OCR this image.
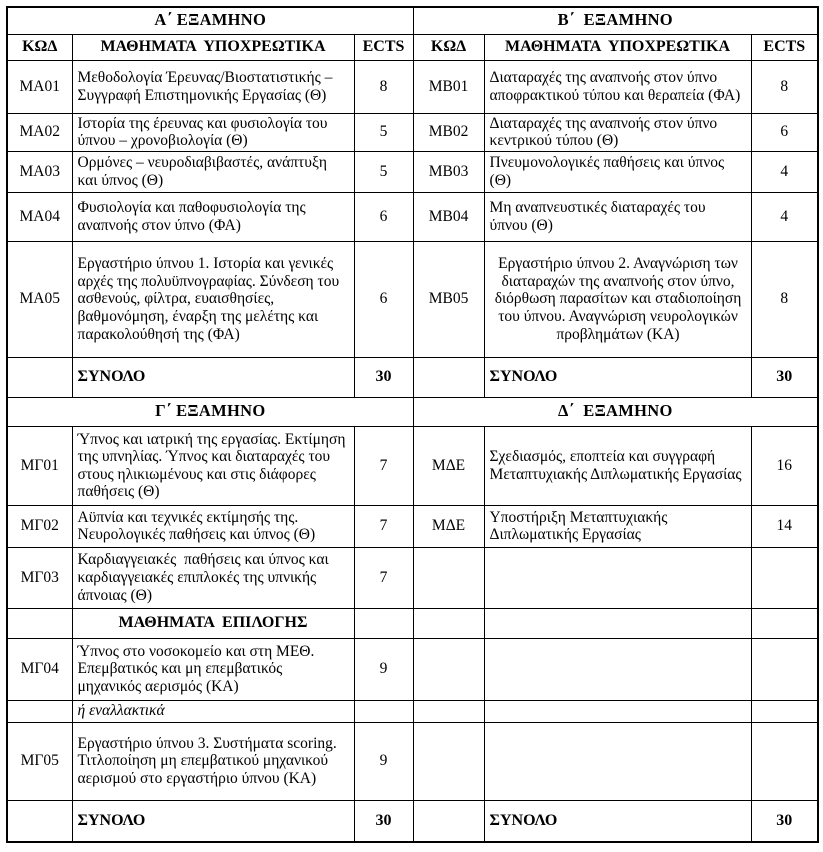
Α΄ ΕΞΑΜΗΝΟ			Β΄  ΕΞΑΜΗΝΟ		
ΚΩΔ	ΜΑΘΗΜΑΤΑ  ΥΠΟΧΡΕΩΤΙΚΑ	ECTS	ΚΩΔ	ΜΑΘΗΜΑΤΑ  ΥΠΟΧΡΕΩΤΙΚΑ	ECTS
ΜΑ01	Μεθοδολογία Έρευνας/Βιοστατιστικής – Συγγραφή Επιστημονικής Εργασίας (Θ)	8	ΜΒ01	Διαταραχές της αναπνοής στον ύπνο αποφρακτικού τύπου και θεραπεία (ΦΑ)	8
ΜΑ02	Ιστορία της έρευνας και φυσιολογία του ύπνου – χρονοβιολογία (Θ)	5	ΜΒ02	Διαταραχές της αναπνοής στον ύπνο κεντρικού τύπου (Θ)	6
ΜΑ03	Ορμόνες – νευροδιαβιβαστές, ανάπτυξη και ύπνος (Θ)	5	ΜΒ03	Πνευμονολογικές παθήσεις και ύπνος (Θ)	4
ΜΑ04	Φυσιολογία και παθοφυσιολογία της αναπνοής στον ύπνο (ΦΑ)	6	ΜΒ04	Μη αναπνευστικές διαταραχές του ύπνου (Θ)	4
ΜΑ05	Εργαστήριο ύπνου 1. Ιστορία και γενικές αρχές της πολυϋπνογραφίας. Σύνδεση του ασθενούς, φίλτρα, ευαισθησίες, βαθμονόμηση, έναρξη της μελέτης και παρακολούθησή της (ΦΑ)	6	ΜΒ05	Εργαστήριο ύπνου 2. Αναγνώριση των διαταραχών της αναπνοής στον ύπνο, διόρθωση παρασίτων και σταδιοποίηση του ύπνου. Αναγνώριση νευρολογικών προβλημάτων (ΚΑ)	8
	ΣΥΝΟΛΟ	30		ΣΥΝΟΛΟ	30
Γ΄ ΕΞΑΜΗΝΟ			Δ΄  ΕΞΑΜΗΝΟ		
ΜΓ01	Ύπνος και ιατρική της εργασίας. Εκτίμηση της υπνηλίας. Ύπνος και διαταραχές του στους ηλικιωμένους και στις διάφορες παθήσεις (Θ)	7	ΜΔΕ	Σχεδιασμός, εποπτεία και συγγραφή Μεταπτυχιακής Διπλωματικής Εργασίας	16
ΜΓ02	Αϋπνία και τεχνικές εκτίμησής της. Νευρολογικές παθήσεις και ύπνος (Θ)	7	ΜΔΕ	Υποστήριξη Μεταπτυχιακής Διπλωματικής Εργασίας	14
ΜΓ03	Καρδιαγγειακές  παθήσεις και ύπνος και καρδιαγγειακές επιπλοκές της υπνικής άπνοιας (Θ)	7			
	ΜΑΘΗΜΑΤΑ  ΕΠΙΛΟΓΗΣ				
ΜΓ04	Ύπνος στο νοσοκομείο και στη ΜΕΘ. Επεμβατικός και μη επεμβατικός μηχανικός αερισμός (ΚΑ)	9			
	ή εναλλακτικά				
ΜΓ05	Εργαστήριο ύπνου 3. Συστήματα scoring. Τιτλοποίηση μη επεμβατικού μηχανικού αερισμού στο εργαστήριο ύπνου (ΚΑ)	9			
	ΣΥΝΟΛΟ	30		ΣΥΝΟΛΟ	30
